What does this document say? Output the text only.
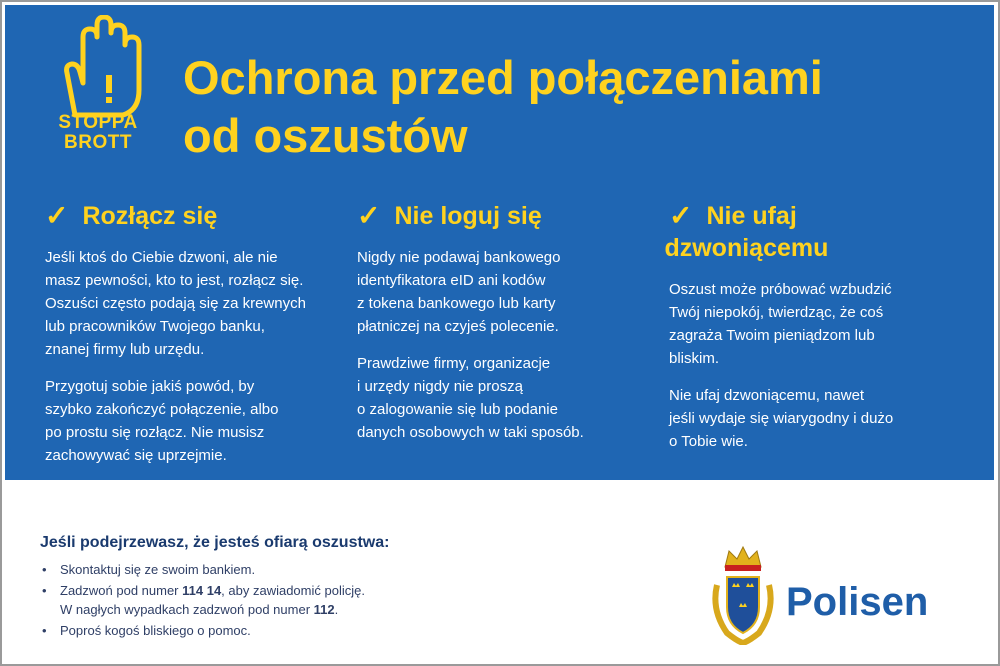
STOPPA
BROTT
Ochrona przed połączeniami
od oszustów
✓ Rozłącz się

Jeśli ktoś do Ciebie dzwoni, ale nie
masz pewności, kto to jest, rozłącz się.
Oszuści często podają się za krewnych
lub pracowników Twojego banku,
znanej firmy lub urzędu.

Przygotuj sobie jakiś powód, by
szybko zakończyć połączenie, albo
po prostu się rozłącz. Nie musisz
zachowywać się uprzejmie.

✓ Nie loguj się

Nigdy nie podawaj bankowego
identyfikatora eID ani kodów
z tokena bankowego lub karty
płatniczej na czyjeś polecenie.

Prawdziwe firmy, organizacje
i urzędy nigdy nie proszą
o zalogowanie się lub podanie
danych osobowych w taki sposób.

✓ Nie ufaj
dzwoniącemu

Oszust może próbować wzbudzić
Twój niepokój, twierdząc, że coś
zagraża Twoim pieniądzom lub
bliskim.

Nie ufaj dzwoniącemu, nawet
jeśli wydaje się wiarygodny i dużo
o Tobie wie.

Jeśli podejrzewasz, że jesteś ofiarą oszustwa:
• Skontaktuj się ze swoim bankiem.
• Zadzwoń pod numer 114 14, aby zawiadomić policję.
W nagłych wypadkach zadzwoń pod numer 112.
• Poproś kogoś bliskiego o pomoc.
Polisen
